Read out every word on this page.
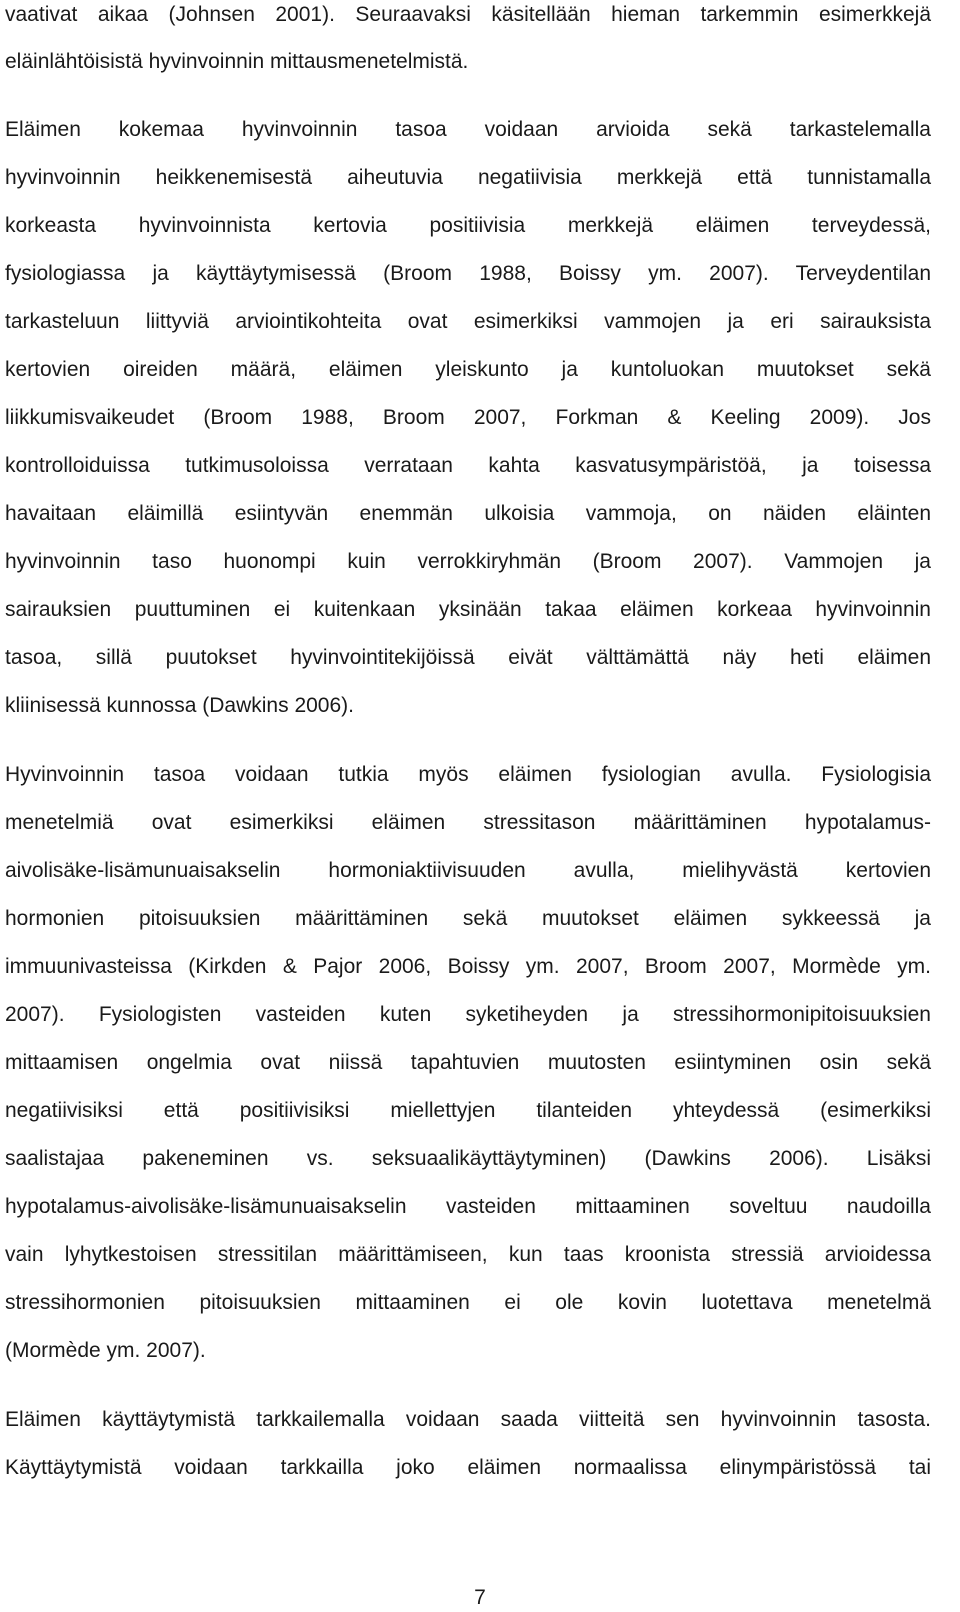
vaativat aikaa (Johnsen 2001). Seuraavaksi käsitellään hieman tarkemmin esimerkkejä
eläinlähtöisistä hyvinvoinnin mittausmenetelmistä.
Eläimen kokemaa hyvinvoinnin tasoa voidaan arvioida sekä tarkastelemalla
hyvinvoinnin heikkenemisestä aiheutuvia negatiivisia merkkejä että tunnistamalla
korkeasta hyvinvoinnista kertovia positiivisia merkkejä eläimen terveydessä,
fysiologiassa ja käyttäytymisessä (Broom 1988, Boissy ym. 2007). Terveydentilan
tarkasteluun liittyviä arviointikohteita ovat esimerkiksi vammojen ja eri sairauksista
kertovien oireiden määrä, eläimen yleiskunto ja kuntoluokan muutokset sekä
liikkumisvaikeudet (Broom 1988, Broom 2007, Forkman & Keeling 2009). Jos
kontrolloiduissa tutkimusoloissa verrataan kahta kasvatusympäristöä, ja toisessa
havaitaan eläimillä esiintyvän enemmän ulkoisia vammoja, on näiden eläinten
hyvinvoinnin taso huonompi kuin verrokkiryhmän (Broom 2007). Vammojen ja
sairauksien puuttuminen ei kuitenkaan yksinään takaa eläimen korkeaa hyvinvoinnin
tasoa, sillä puutokset hyvinvointitekijöissä eivät välttämättä näy heti eläimen
kliinisessä kunnossa (Dawkins 2006).
Hyvinvoinnin tasoa voidaan tutkia myös eläimen fysiologian avulla. Fysiologisia
menetelmiä ovat esimerkiksi eläimen stressitason määrittäminen hypotalamus-
aivolisäke-lisämunuaisakselin hormoniaktiivisuuden avulla, mielihyvästä kertovien
hormonien pitoisuuksien määrittäminen sekä muutokset eläimen sykkeessä ja
immuunivasteissa (Kirkden & Pajor 2006, Boissy ym. 2007, Broom 2007, Mormède ym.
2007). Fysiologisten vasteiden kuten syketiheyden ja stressihormonipitoisuuksien
mittaamisen ongelmia ovat niissä tapahtuvien muutosten esiintyminen osin sekä
negatiivisiksi että positiivisiksi miellettyjen tilanteiden yhteydessä (esimerkiksi
saalistajaa pakeneminen vs. seksuaalikäyttäytyminen) (Dawkins 2006). Lisäksi
hypotalamus-aivolisäke-lisämunuaisakselin vasteiden mittaaminen soveltuu naudoilla
vain lyhytkestoisen stressitilan määrittämiseen, kun taas kroonista stressiä arvioidessa
stressihormonien pitoisuuksien mittaaminen ei ole kovin luotettava menetelmä
(Mormède ym. 2007).
Eläimen käyttäytymistä tarkkailemalla voidaan saada viitteitä sen hyvinvoinnin tasosta.
Käyttäytymistä voidaan tarkkailla joko eläimen normaalissa elinympäristössä tai
7
